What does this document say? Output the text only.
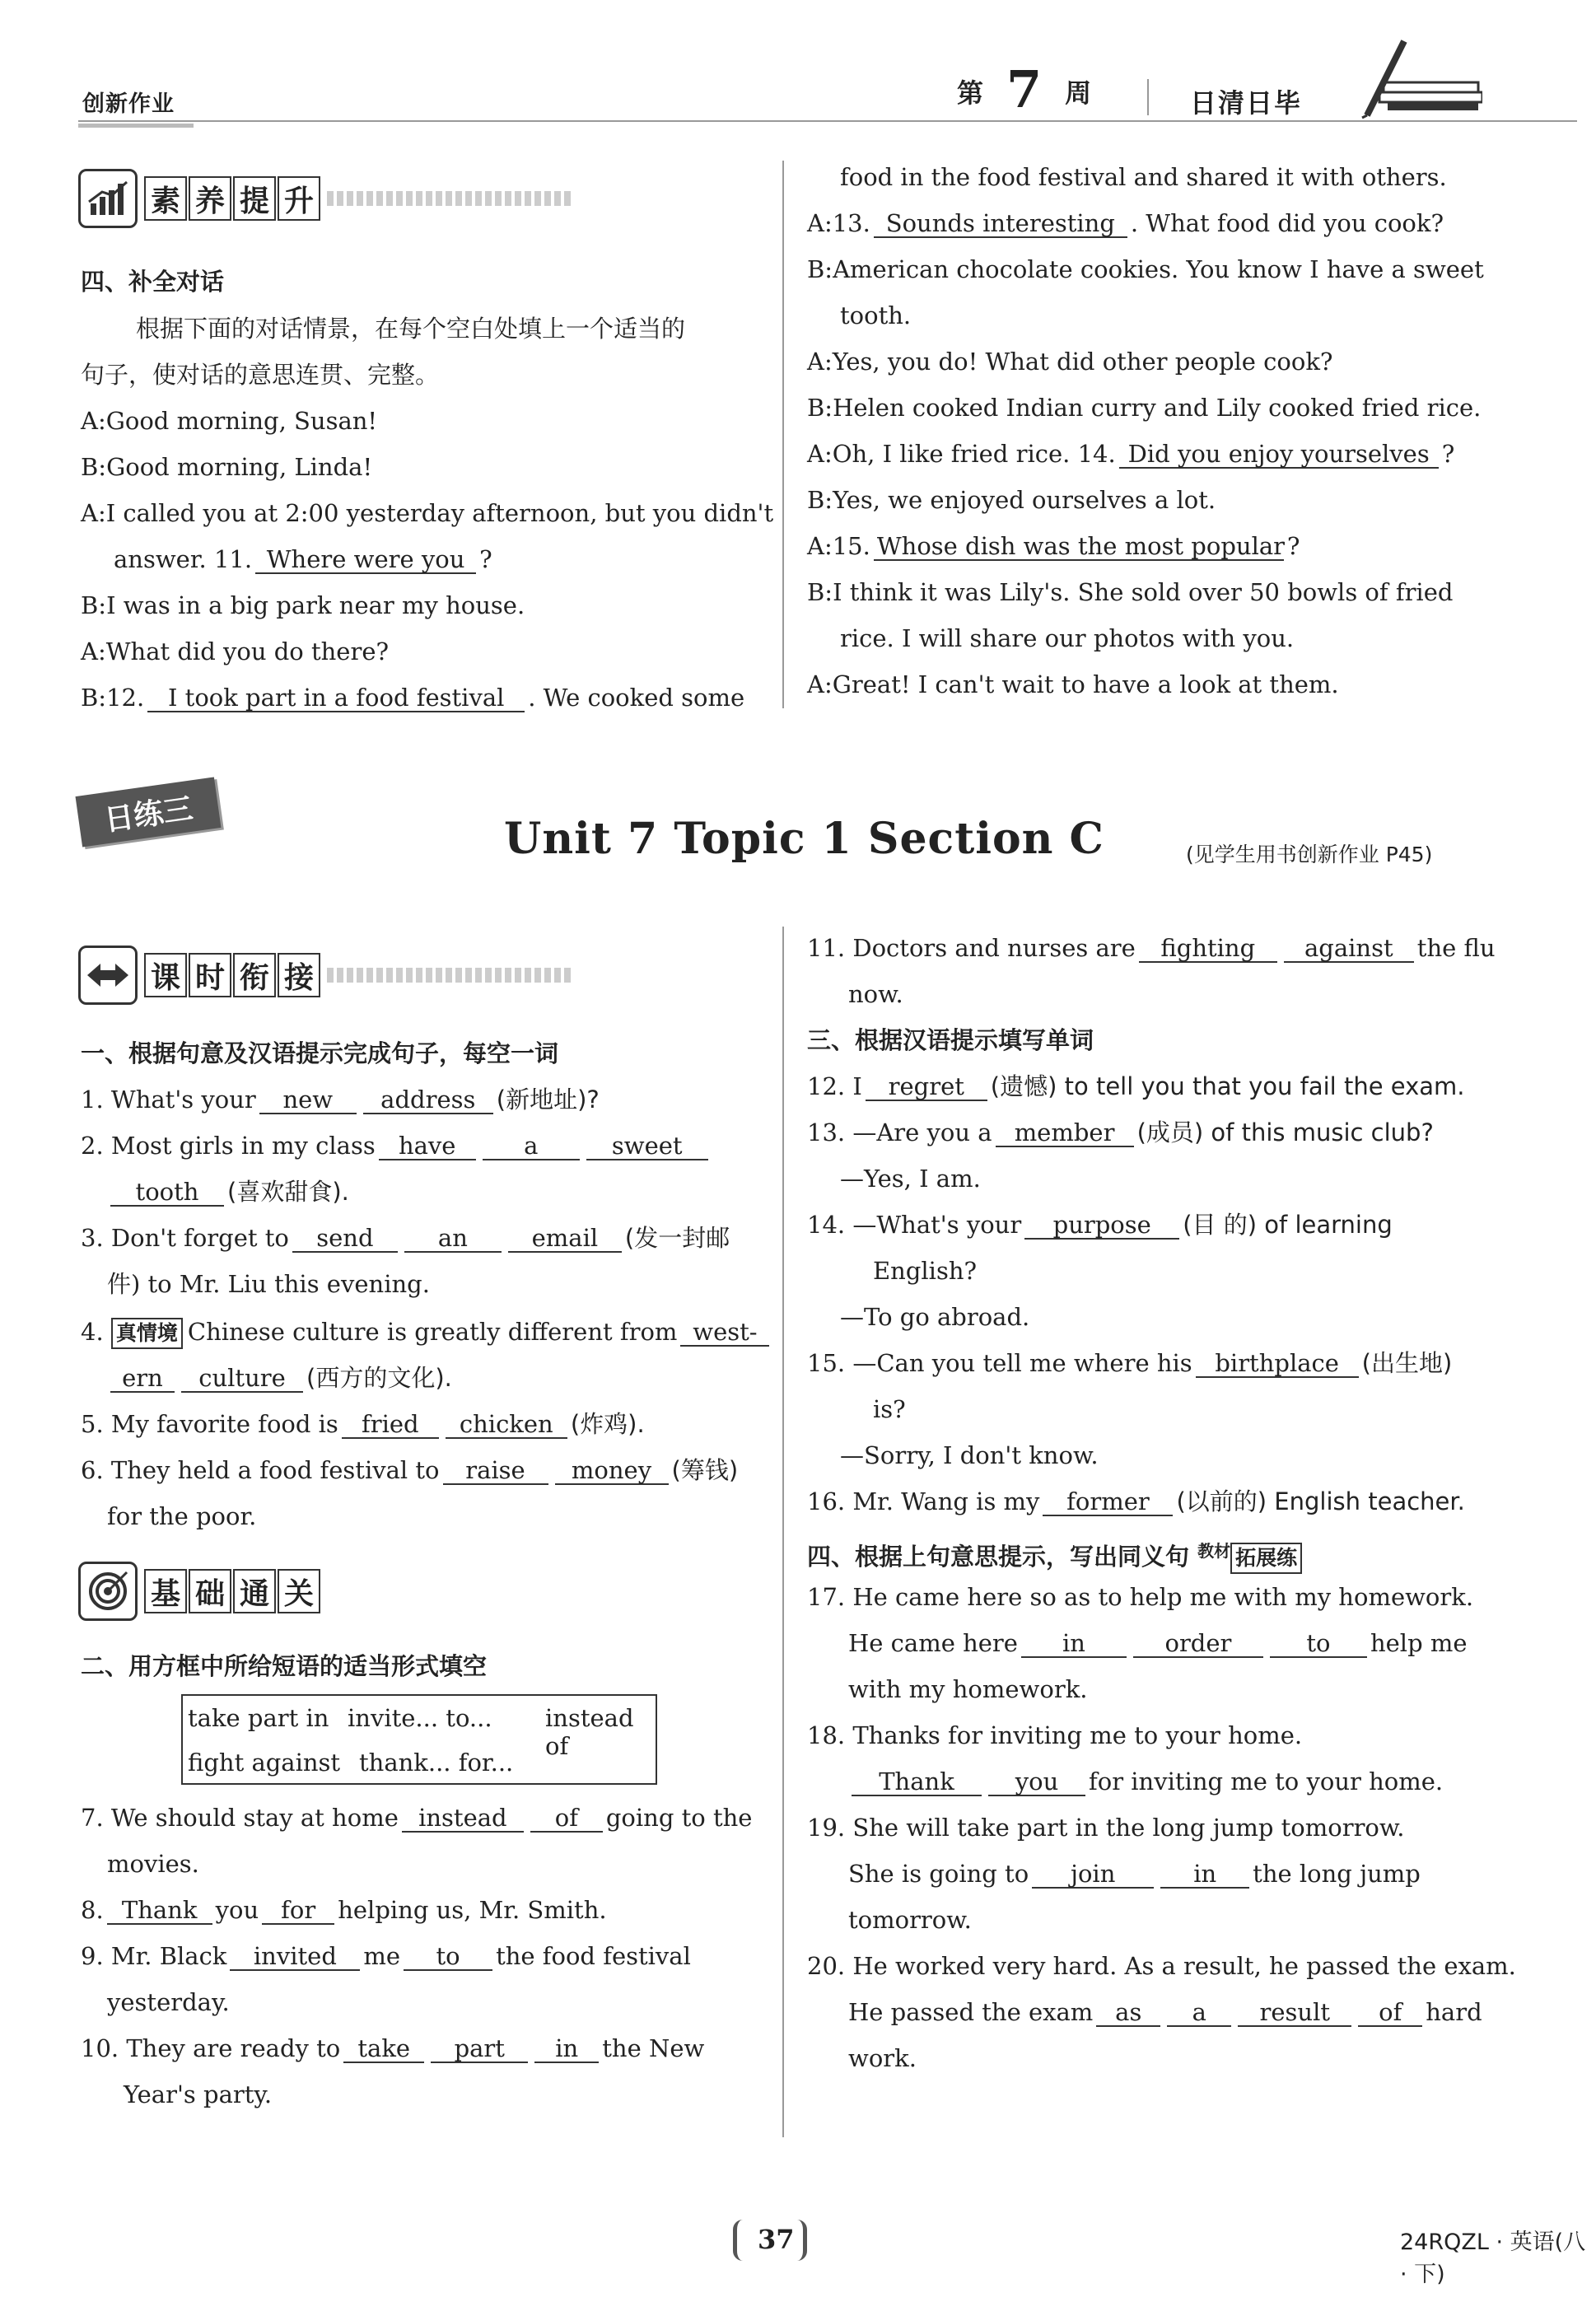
创新作业	第 7 周	日清日毕
素 养 提 升
四、补全对话
根据下面的对话情景，在每个空白处填上一个适当的
句子，使对话的意思连贯、完整。
A:Good morning, Susan!
B:Good morning, Linda!
A:I called you at 2:00 yesterday afternoon, but you didn't
answer. 11. Where were you ?
B:I was in a big park near my house.
A:What did you do there?
B:12. I took part in a food festival . We cooked some
food in the food festival and shared it with others.
A:13. Sounds interesting . What food did you cook?
B:American chocolate cookies. You know I have a sweet
tooth.
A:Yes, you do! What did other people cook?
B:Helen cooked Indian curry and Lily cooked fried rice.
A:Oh, I like fried rice. 14. Did you enjoy yourselves ?
B:Yes, we enjoyed ourselves a lot.
A:15. Whose dish was the most popular?
B:I think it was Lily's. She sold over 50 bowls of fried
rice. I will share our photos with you.
A:Great! I can't wait to have a look at them.
日练三	Unit 7 Topic 1 Section C	(见学生用书创新作业 P45)
课 时 衔 接
一、根据句意及汉语提示完成句子，每空一词
1. What's your new address (新地址)?
2. Most girls in my class have	a	sweet
tooth (喜欢甜食).
3. Don't forget to send	an	email (发一封邮
件) to Mr. Liu this evening.
4. 真情境 Chinese culture is greatly different from west-
ern culture (西方的文化).
5. My favorite food is fried chicken (炸鸡).
6. They held a food festival to raise money (筹钱)
for the poor.
基 础 通 关
二、用方框中所给短语的适当形式填空
take part in invite... to... instead of
fight against thank... for...
7. We should stay at home instead of going to the
movies.
8. Thank you for helping us, Mr. Smith.
9. Mr. Black invited me to the food festival
yesterday.
10. They are ready to take part in the New
Year's party.
11. Doctors and nurses are fighting against the flu
now.
三、根据汉语提示填写单词
12. I regret (遗憾) to tell you that you fail the exam.
13. —Are you a member (成员) of this music club?
—Yes, I am.
14. —What's your purpose (目 的) of learning
English?
—To go abroad.
15. —Can you tell me where his birthplace (出生地)
is?
—Sorry, I don't know.
16. Mr. Wang is my former (以前的) English teacher.
四、根据上句意思提示，写出同义句 $^{教材}$ 拓展练
17. He came here so as to help me with my homework.
He came here in	order	to help me
with my homework.
18. Thanks for inviting me to your home.
Thank	you for inviting me to your home.
19. She will take part in the long jump tomorrow.
She is going to join	in the long jump
tomorrow.
20. He worked very hard. As a result, he passed the exam.
He passed the exam as a result of hard
work.
37	24RQZL · 英语(八 · 下)
